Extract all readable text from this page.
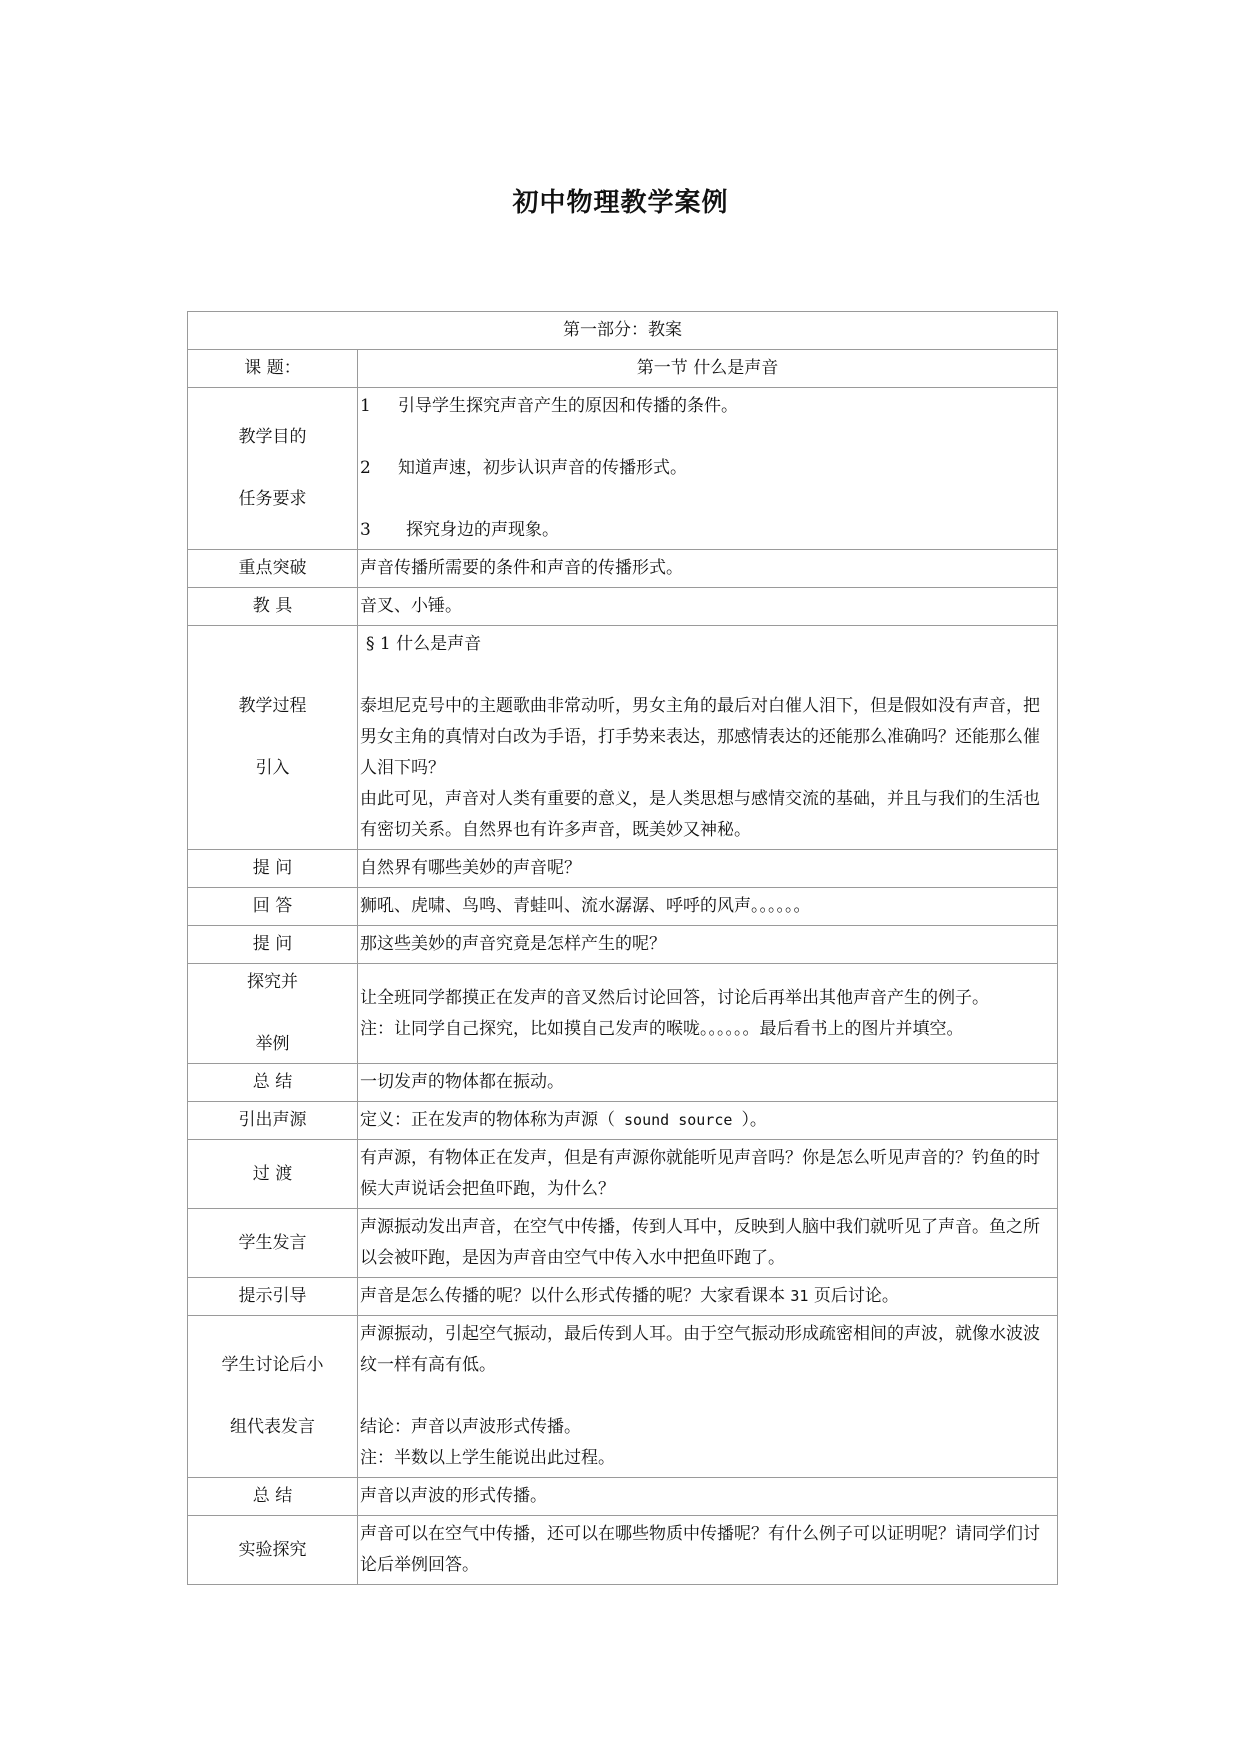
初中物理教学案例
第一部分：教案	
课 题：	第一节 什么是声音

教学目的
任务要求	1 引导学生探究声音产生的原因和传播的条件。
2 知道声速，初步认识声音的传播形式。
3 探究身边的声现象。

重点突破	声音传播所需要的条件和声音的传播形式。
教 具	音叉、小锤。

教学过程
引入	§ 1 什么是声音
泰坦尼克号中的主题歌曲非常动听，男女主角的最后对白催人泪下，但是假如没有声音，把男女主角的真情对白改为手语，打手势来表达，那感情表达的还能那么准确吗？还能那么催人泪下吗？
由此可见，声音对人类有重要的意义，是人类思想与感情交流的基础，并且与我们的生活也有密切关系。自然界也有许多声音，既美妙又神秘。

提 问	自然界有哪些美妙的声音呢？
回 答	狮吼、虎啸、鸟鸣、青蛙叫、流水潺潺、呼呼的风声。。。。。。
提 问	那这些美妙的声音究竟是怎样产生的呢？

探究并
举例	让全班同学都摸正在发声的音叉然后讨论回答，讨论后再举出其他声音产生的例子。
注：让同学自己探究，比如摸自己发声的喉咙。。。。。。最后看书上的图片并填空。

总 结	一切发声的物体都在振动。
引出声源	定义：正在发声的物体称为声源（ sound source ）。
过 渡	有声源，有物体正在发声，但是有声源你就能听见声音吗？你是怎么听见声音的？钓鱼的时候大声说话会把鱼吓跑，为什么？
学生发言	声源振动发出声音，在空气中传播，传到人耳中，反映到人脑中我们就听见了声音。鱼之所以会被吓跑，是因为声音由空气中传入水中把鱼吓跑了。
提示引导	声音是怎么传播的呢？以什么形式传播的呢？大家看课本 31 页后讨论。

学生讨论后小
组代表发言	声源振动，引起空气振动，最后传到人耳。由于空气振动形成疏密相间的声波，就像水波波纹一样有高有低。
结论：声音以声波形式传播。
注：半数以上学生能说出此过程。

总 结	声音以声波的形式传播。
实验探究	声音可以在空气中传播，还可以在哪些物质中传播呢？有什么例子可以证明呢？请同学们讨论后举例回答。
